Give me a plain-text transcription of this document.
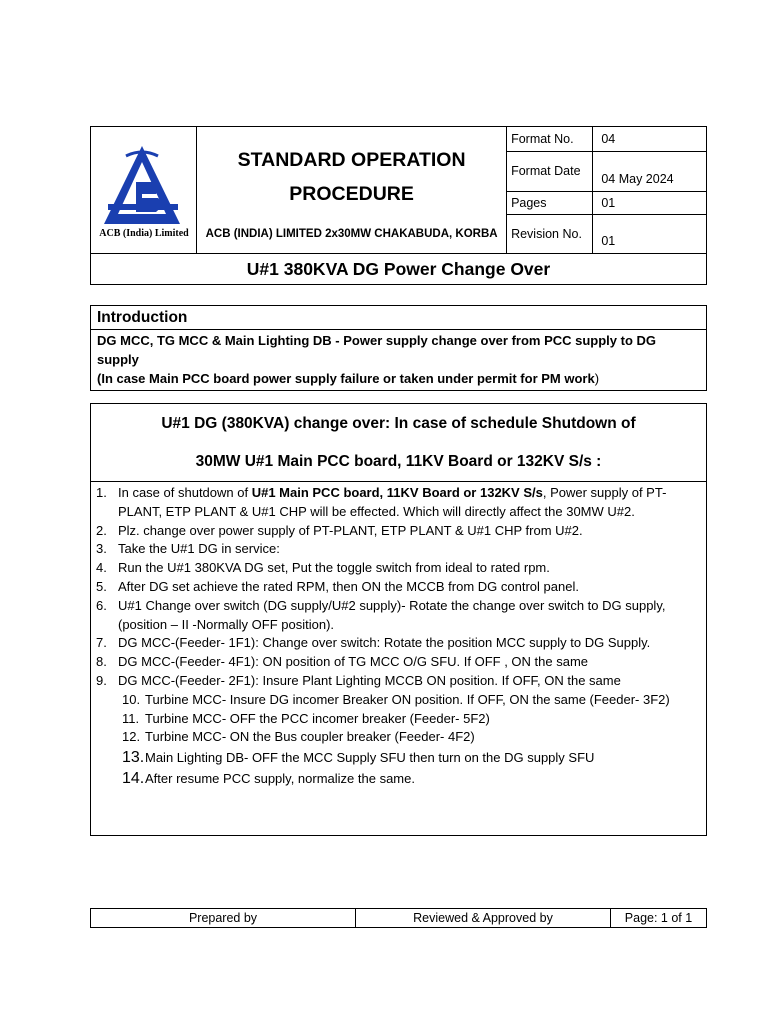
ACB (India) Limited	STANDARD OPERATION
PROCEDURE
ACB (INDIA) LIMITED 2x30MW CHAKABUDA, KORBA	Format No.	04
		Format Date	04 May 2024
		Pages	01
		Revision No.	01
U#1 380KVA DG Power Change Over			
Introduction

DG MCC, TG MCC & Main Lighting DB - Power supply change over from PCC supply to DG supply
(In case Main PCC board power supply failure or taken under permit for PM work)
U#1 DG (380KVA) change over: In case of schedule Shutdown of
30MW U#1 Main PCC board, 11KV Board or 132KV S/s :

1. In case of shutdown of U#1 Main PCC board, 11KV Board or 132KV S/s, Power supply of PT-PLANT, ETP PLANT & U#1 CHP will be effected. Which will directly affect the 30MW U#2.
2. Plz. change over power supply of PT-PLANT, ETP PLANT & U#1 CHP from U#2.
3. Take the U#1 DG in service:
4. Run the U#1 380KVA DG set, Put the toggle switch from ideal to rated rpm.
5. After DG set achieve the rated RPM, then ON the MCCB from DG control panel.
6. U#1 Change over switch (DG supply/U#2 supply)- Rotate the change over switch to DG supply, (position – II -Normally OFF position).
7. DG MCC-(Feeder- 1F1): Change over switch: Rotate the position MCC supply to DG Supply.
8. DG MCC-(Feeder- 4F1): ON position of TG MCC O/G SFU. If OFF , ON the same
9. DG MCC-(Feeder- 2F1): Insure Plant Lighting MCCB ON position. If OFF, ON the same
10. Turbine MCC- Insure DG incomer Breaker ON position. If OFF, ON the same (Feeder- 3F2)
11. Turbine MCC- OFF the PCC incomer breaker (Feeder- 5F2)
12. Turbine MCC- ON the Bus coupler breaker (Feeder- 4F2)
13. Main Lighting DB- OFF the MCC Supply SFU then turn on the DG supply SFU
14. After resume PCC supply, normalize the same.
Prepared by	Reviewed & Approved by	Page: 1 of 1
